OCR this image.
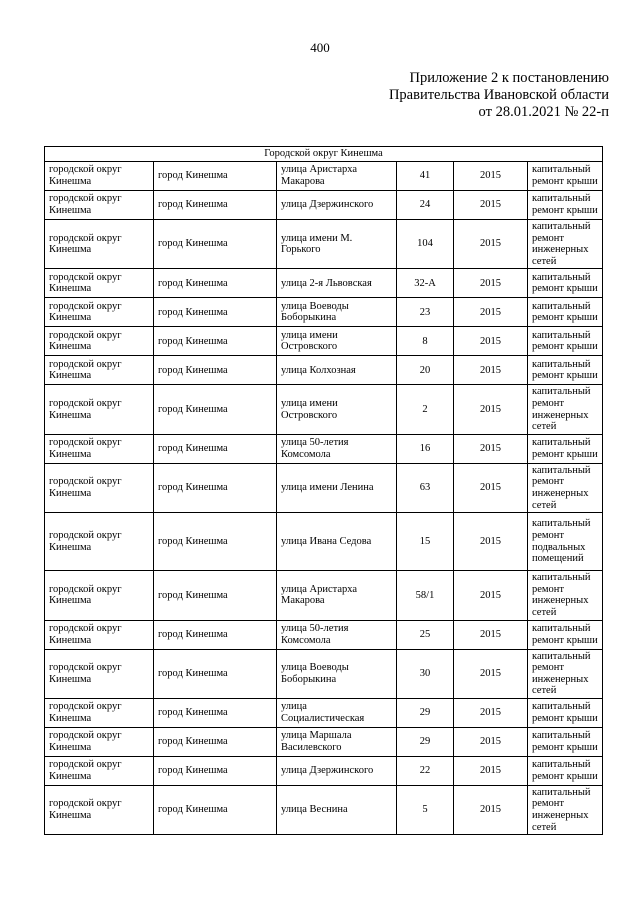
400
Приложение 2 к постановлению
Правительства Ивановской области
от 28.01.2021 № 22-п
Городской округ Кинешма					
городской округ Кинешма	город Кинешма	улица Аристарха Макарова	41	2015	капитальный ремонт крыши
городской округ Кинешма	город Кинешма	улица Дзержинского	24	2015	капитальный ремонт крыши
городской округ Кинешма	город Кинешма	улица имени М. Горького	104	2015	капитальный ремонт инженерных сетей
городской округ Кинешма	город Кинешма	улица 2-я Львовская	32-А	2015	капитальный ремонт крыши
городской округ Кинешма	город Кинешма	улица Воеводы Боборыкина	23	2015	капитальный ремонт крыши
городской округ Кинешма	город Кинешма	улица имени Островского	8	2015	капитальный ремонт крыши
городской округ Кинешма	город Кинешма	улица Колхозная	20	2015	капитальный ремонт крыши
городской округ Кинешма	город Кинешма	улица имени Островского	2	2015	капитальный ремонт инженерных сетей
городской округ Кинешма	город Кинешма	улица 50-летия Комсомола	16	2015	капитальный ремонт крыши
городской округ Кинешма	город Кинешма	улица имени Ленина	63	2015	капитальный ремонт инженерных сетей
городской округ Кинешма	город Кинешма	улица Ивана Седова	15	2015	капитальный ремонт подвальных помещений
городской округ Кинешма	город Кинешма	улица Аристарха Макарова	58/1	2015	капитальный ремонт инженерных сетей
городской округ Кинешма	город Кинешма	улица 50-летия Комсомола	25	2015	капитальный ремонт крыши
городской округ Кинешма	город Кинешма	улица Воеводы Боборыкина	30	2015	капитальный ремонт инженерных сетей
городской округ Кинешма	город Кинешма	улица Социалистическая	29	2015	капитальный ремонт крыши
городской округ Кинешма	город Кинешма	улица Маршала Василевского	29	2015	капитальный ремонт крыши
городской округ Кинешма	город Кинешма	улица Дзержинского	22	2015	капитальный ремонт крыши
городской округ Кинешма	город Кинешма	улица Веснина	5	2015	капитальный ремонт инженерных сетей
